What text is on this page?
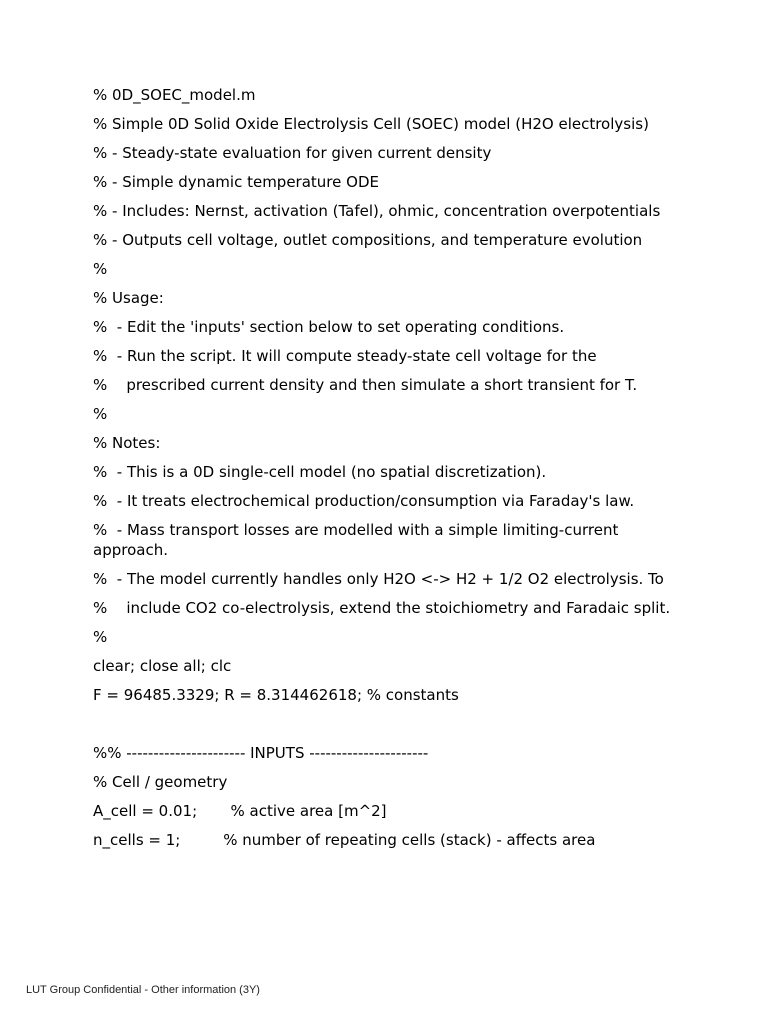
% 0D_SOEC_model.m
% Simple 0D Solid Oxide Electrolysis Cell (SOEC) model (H2O electrolysis)
% - Steady-state evaluation for given current density
% - Simple dynamic temperature ODE
% - Includes: Nernst, activation (Tafel), ohmic, concentration overpotentials
% - Outputs cell voltage, outlet compositions, and temperature evolution
%
% Usage:
%  - Edit the 'inputs' section below to set operating conditions.
%  - Run the script. It will compute steady-state cell voltage for the
%    prescribed current density and then simulate a short transient for T.
%
% Notes:
%  - This is a 0D single-cell model (no spatial discretization).
%  - It treats electrochemical production/consumption via Faraday's law.
%  - Mass transport losses are modelled with a simple limiting-current approach.
%  - The model currently handles only H2O <-> H2 + 1/2 O2 electrolysis. To
%    include CO2 co-electrolysis, extend the stoichiometry and Faradaic split.
%
clear; close all; clc
F = 96485.3329; R = 8.314462618; % constants
%% ---------------------- INPUTS ----------------------
% Cell / geometry
A_cell = 0.01;       % active area [m^2]
n_cells = 1;         % number of repeating cells (stack) - affects area
LUT Group Confidential - Other information (3Y)
